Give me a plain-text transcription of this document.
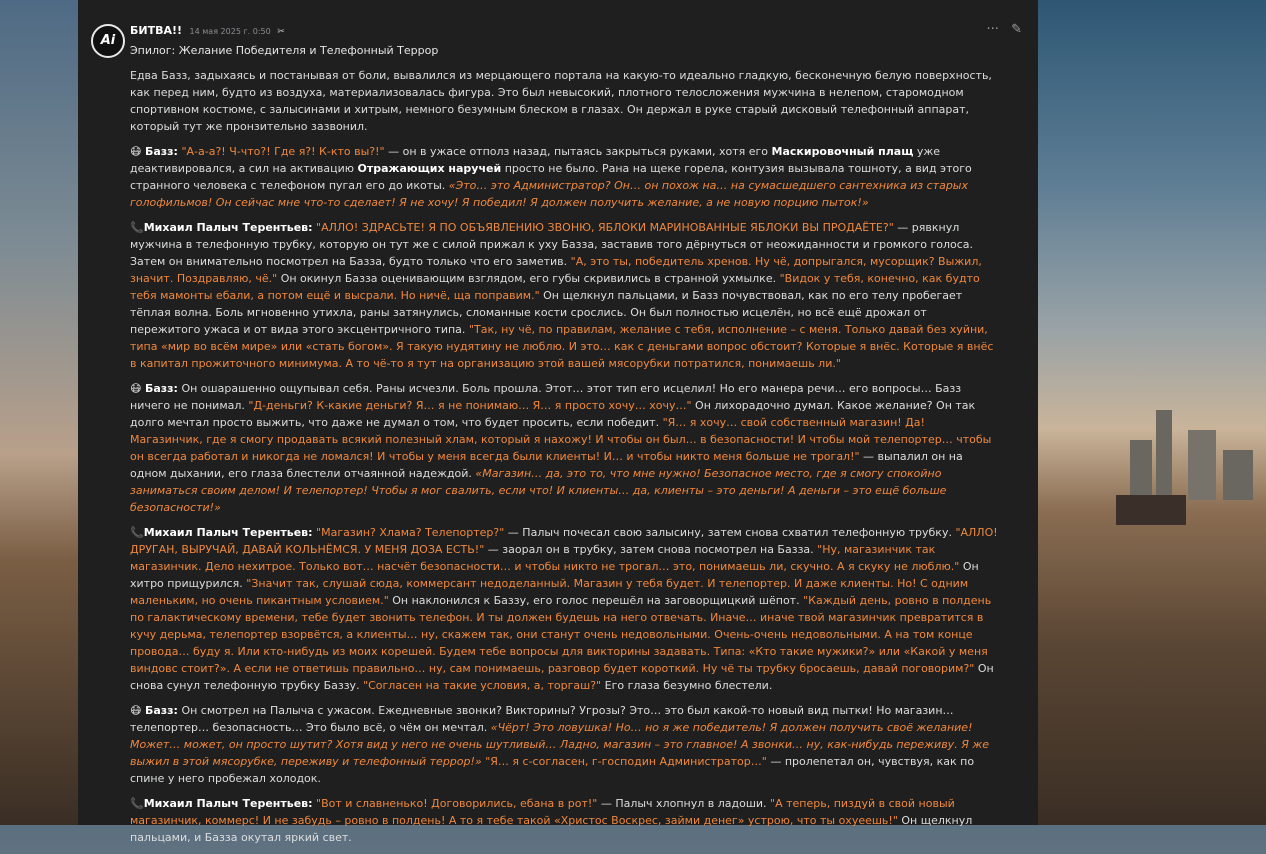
Ai
БИТВА!! 14 мая 2025 г. 0:50 ✂	··· ✎

Эпилог: Желание Победителя и Телефонный Террор

Едва Базз, задыхаясь и постанывая от боли, вывалился из мерцающего портала на какую-то идеально гладкую, бесконечную белую поверхность, как перед ним, будто из воздуха, материализовалась фигура. Это был невысокий, плотного телосложения мужчина в нелепом, старомодном спортивном костюме, с залысинами и хитрым, немного безумным блеском в глазах. Он держал в руке старый дисковый телефонный аппарат, который тут же пронзительно зазвонил.

😷 Базз: "А-а-а?! Ч-что?! Где я?! К-кто вы?!" — он в ужасе отполз назад, пытаясь закрыться руками, хотя его Маскировочный плащ уже деактивировался, а сил на активацию Отражающих наручей просто не было. Рана на щеке горела, контузия вызывала тошноту, а вид этого странного человека с телефоном пугал его до икоты. «Это… это Администратор? Он… он похож на… на сумасшедшего сантехника из старых голофильмов! Он сейчас мне что-то сделает! Я не хочу! Я победил! Я должен получить желание, а не новую порцию пыток!»

📞Михаил Палыч Терентьев: "АЛЛО! ЗДРАСЬТЕ! Я ПО ОБЪЯВЛЕНИЮ ЗВОНЮ, ЯБЛОКИ МАРИНОВАННЫЕ ЯБЛОКИ ВЫ ПРОДАЁТЕ?" — рявкнул мужчина в телефонную трубку, которую он тут же с силой прижал к уху Базза, заставив того дёрнуться от неожиданности и громкого голоса. Затем он внимательно посмотрел на Базза, будто только что его заметив. "А, это ты, победитель хренов. Ну чё, допрыгался, мусорщик? Выжил, значит. Поздравляю, чё." Он окинул Базза оценивающим взглядом, его губы скривились в странной ухмылке. "Видок у тебя, конечно, как будто тебя мамонты ебали, а потом ещё и высрали. Но ничё, ща поправим." Он щелкнул пальцами, и Базз почувствовал, как по его телу пробегает тёплая волна. Боль мгновенно утихла, раны затянулись, сломанные кости срослись. Он был полностью исцелён, но всё ещё дрожал от пережитого ужаса и от вида этого эксцентричного типа. "Так, ну чё, по правилам, желание с тебя, исполнение – с меня. Только давай без хуйни, типа «мир во всём мире» или «стать богом». Я такую нудятину не люблю. И это… как с деньгами вопрос обстоит? Которые я внёс. Которые я внёс в капитал прожиточного минимума. А то чё-то я тут на организацию этой вашей мясорубки потратился, понимаешь ли."

😷 Базз: Он ошарашенно ощупывал себя. Раны исчезли. Боль прошла. Этот… этот тип его исцелил! Но его манера речи… его вопросы… Базз ничего не понимал. "Д-деньги? К-какие деньги? Я… я не понимаю… Я… я просто хочу… хочу…" Он лихорадочно думал. Какое желание? Он так долго мечтал просто выжить, что даже не думал о том, что будет просить, если победит. "Я… я хочу… свой собственный магазин! Да! Магазинчик, где я смогу продавать всякий полезный хлам, который я нахожу! И чтобы он был… в безопасности! И чтобы мой телепортер… чтобы он всегда работал и никогда не ломался! И чтобы у меня всегда были клиенты! И… и чтобы никто меня больше не трогал!" — выпалил он на одном дыхании, его глаза блестели отчаянной надеждой. «Магазин… да, это то, что мне нужно! Безопасное место, где я смогу спокойно заниматься своим делом! И телепортер! Чтобы я мог свалить, если что! И клиенты… да, клиенты – это деньги! А деньги – это ещё больше безопасности!»

📞Михаил Палыч Терентьев: "Магазин? Хлама? Телепортер?" — Палыч почесал свою залысину, затем снова схватил телефонную трубку. "АЛЛО! ДРУГАН, ВЫРУЧАЙ, ДАВАЙ КОЛЬНЁМСЯ. У МЕНЯ ДОЗА ЕСТЬ!" — заорал он в трубку, затем снова посмотрел на Базза. "Ну, магазинчик так магазинчик. Дело нехитрое. Только вот… насчёт безопасности… и чтобы никто не трогал… это, понимаешь ли, скучно. А я скуку не люблю." Он хитро прищурился. "Значит так, слушай сюда, коммерсант недоделанный. Магазин у тебя будет. И телепортер. И даже клиенты. Но! С одним маленьким, но очень пикантным условием." Он наклонился к Баззу, его голос перешёл на заговорщицкий шёпот. "Каждый день, ровно в полдень по галактическому времени, тебе будет звонить телефон. И ты должен будешь на него отвечать. Иначе… иначе твой магазинчик превратится в кучу дерьма, телепортер взорвётся, а клиенты… ну, скажем так, они станут очень недовольными. Очень-очень недовольными. А на том конце провода… буду я. Или кто-нибудь из моих корешей. Будем тебе вопросы для викторины задавать. Типа: «Кто такие мужики?» или «Какой у меня виндовс стоит?». А если не ответишь правильно… ну, сам понимаешь, разговор будет короткий. Ну чё ты трубку бросаешь, давай поговорим?" Он снова сунул телефонную трубку Баззу. "Согласен на такие условия, а, торгаш?" Его глаза безумно блестели.

😷 Базз: Он смотрел на Палыча с ужасом. Ежедневные звонки? Викторины? Угрозы? Это… это был какой-то новый вид пытки! Но магазин… телепортер… безопасность… Это было всё, о чём он мечтал. «Чёрт! Это ловушка! Но… но я же победитель! Я должен получить своё желание! Может… может, он просто шутит? Хотя вид у него не очень шутливый… Ладно, магазин – это главное! А звонки… ну, как-нибудь переживу. Я же выжил в этой мясорубке, переживу и телефонный террор!» "Я… я с-согласен, г-господин Администратор…" — пролепетал он, чувствуя, как по спине у него пробежал холодок.

📞Михаил Палыч Терентьев: "Вот и славненько! Договорились, ебана в рот!" — Палыч хлопнул в ладоши. "А теперь, пиздуй в свой новый магазинчик, коммерс! И не забудь – ровно в полдень! А то я тебе такой «Христос Воскрес, займи денег» устрою, что ты охуеешь!" Он щелкнул пальцами, и Базза окутал яркий свет.
